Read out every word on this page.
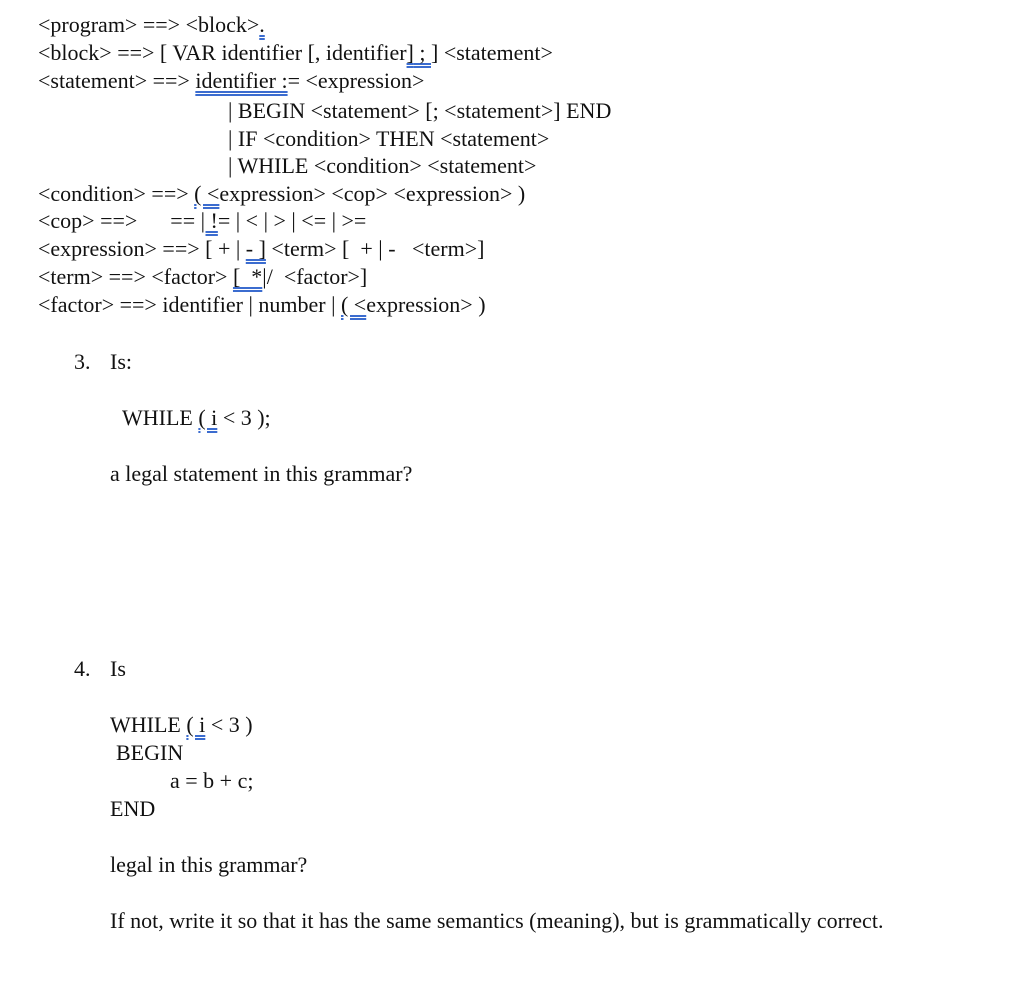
<program> ==> <block>.
<block> ==> [ VAR identifier [, identifier] ; ] <statement>
<statement> ==> identifier := <expression>
| BEGIN <statement> [; <statement>] END
| IF <condition> THEN <statement>
| WHILE <condition> <statement>
<condition> ==> ( <expression> <cop> <expression> )
<cop> ==>      == | != | < | > | <= | >=
<expression> ==> [ + | - ] <term> [  + | -   <term>]
<term> ==> <factor> [  *|/  <factor>]
<factor> ==> identifier | number | ( <expression> )
3. Is:
WHILE ( i < 3 );
a legal statement in this grammar?
4. Is
WHILE ( i < 3 )
BEGIN
a = b + c;
END
legal in this grammar?
If not, write it so that it has the same semantics (meaning), but is grammatically correct.
